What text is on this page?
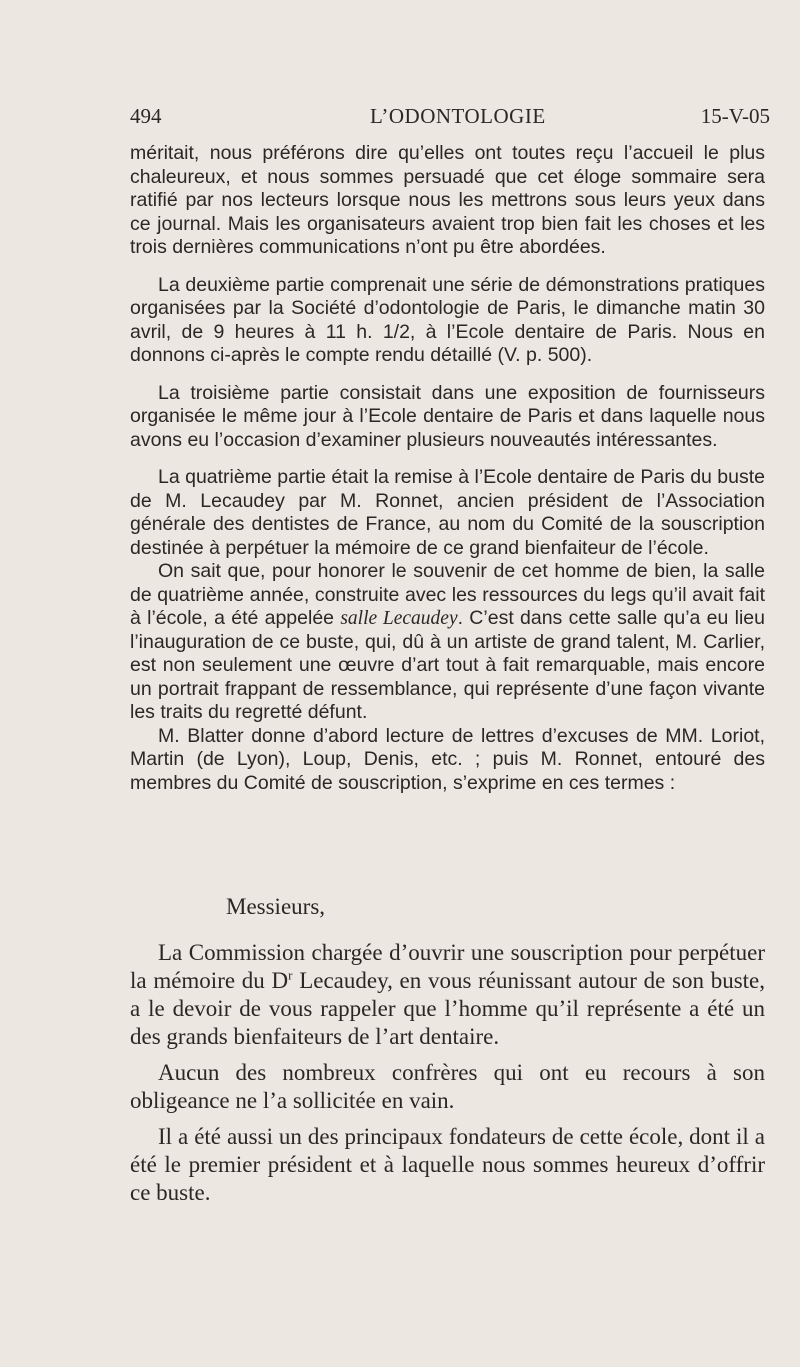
494	L’ODONTOLOGIE	15-V-05

méritait, nous préférons dire qu’elles ont toutes reçu l’accueil le plus chaleureux, et nous sommes persuadé que cet éloge sommaire sera ratifié par nos lecteurs lorsque nous les mettrons sous leurs yeux dans ce journal. Mais les organisateurs avaient trop bien fait les choses et les trois dernières communications n’ont pu être abordées.

La deuxième partie comprenait une série de démonstrations pratiques organisées par la Société d’odontologie de Paris, le dimanche matin 30 avril, de 9 heures à 11 h. 1/2, à l’Ecole dentaire de Paris. Nous en donnons ci-après le compte rendu détaillé (V. p. 500).

La troisième partie consistait dans une exposition de fournisseurs organisée le même jour à l’Ecole dentaire de Paris et dans laquelle nous avons eu l’occasion d’examiner plusieurs nouveautés intéressantes.

La quatrième partie était la remise à l’Ecole dentaire de Paris du buste de M. Lecaudey par M. Ronnet, ancien président de l’Association générale des dentistes de France, au nom du Comité de la souscription destinée à perpétuer la mémoire de ce grand bienfaiteur de l’école.

On sait que, pour honorer le souvenir de cet homme de bien, la salle de quatrième année, construite avec les ressources du legs qu’il avait fait à l’école, a été appelée salle Lecaudey. C’est dans cette salle qu’a eu lieu l’inauguration de ce buste, qui, dû à un artiste de grand talent, M. Carlier, est non seulement une œuvre d’art tout à fait remarquable, mais encore un portrait frappant de ressemblance, qui représente d’une façon vivante les traits du regretté défunt.

M. Blatter donne d’abord lecture de lettres d’excuses de MM. Loriot, Martin (de Lyon), Loup, Denis, etc. ; puis M. Ronnet, entouré des membres du Comité de souscription, s’exprime en ces termes :

Messieurs,

La Commission chargée d’ouvrir une souscription pour perpétuer la mémoire du $D^r$ Lecaudey, en vous réunissant autour de son buste, a le devoir de vous rappeler que l’homme qu’il représente a été un des grands bienfaiteurs de l’art dentaire.

Aucun des nombreux confrères qui ont eu recours à son obligeance ne l’a sollicitée en vain.

Il a été aussi un des principaux fondateurs de cette école, dont il a été le premier président et à laquelle nous sommes heureux d’offrir ce buste.
